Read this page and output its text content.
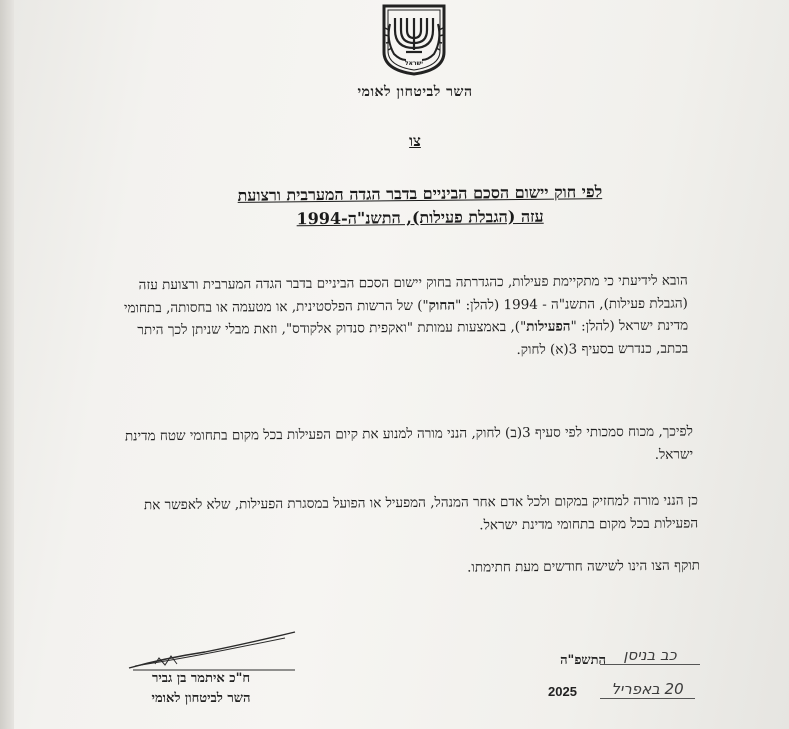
ישראל
השר לביטחון לאומי
צו
לפי חוק יישום הסכם הביניים בדבר הגדה המערבית ורצועת
עזה (הגבלת פעילות), התשנ"ה-1994
הובא לידיעתי כי מתקיימת פעילות, כהגדרתה בחוק יישום הסכם הביניים בדבר הגדה המערבית ורצועת עזה (הגבלת פעילות), התשנ"ה - 1994 (להלן: "החוק") של הרשות הפלסטינית, או מטעמה או בחסותה, בתחומי מדינת ישראל (להלן: "הפעילות"), באמצעות עמותת "ואקפית סנדוק אלקודס", וזאת מבלי שניתן לכך היתר בכתב, כנדרש בסעיף 3(א) לחוק.
לפיכך, מכוח סמכותי לפי סעיף 3(ב) לחוק, הנני מורה למנוע את קיום הפעילות בכל מקום בתחומי שטח מדינת ישראל.
כן הנני מורה למחזיק במקום ולכל אדם אחר המנהל, המפעיל או הפועל במסגרת הפעילות, שלא לאפשר את הפעילות בכל מקום בתחומי מדינת ישראל.
תוקף הצו הינו לשישה חודשים מעת חתימתו.
ח"כ איתמר בן גביר
השר לביטחון לאומי
התשפ"ה	כב בניסן
2025	20 באפריל
